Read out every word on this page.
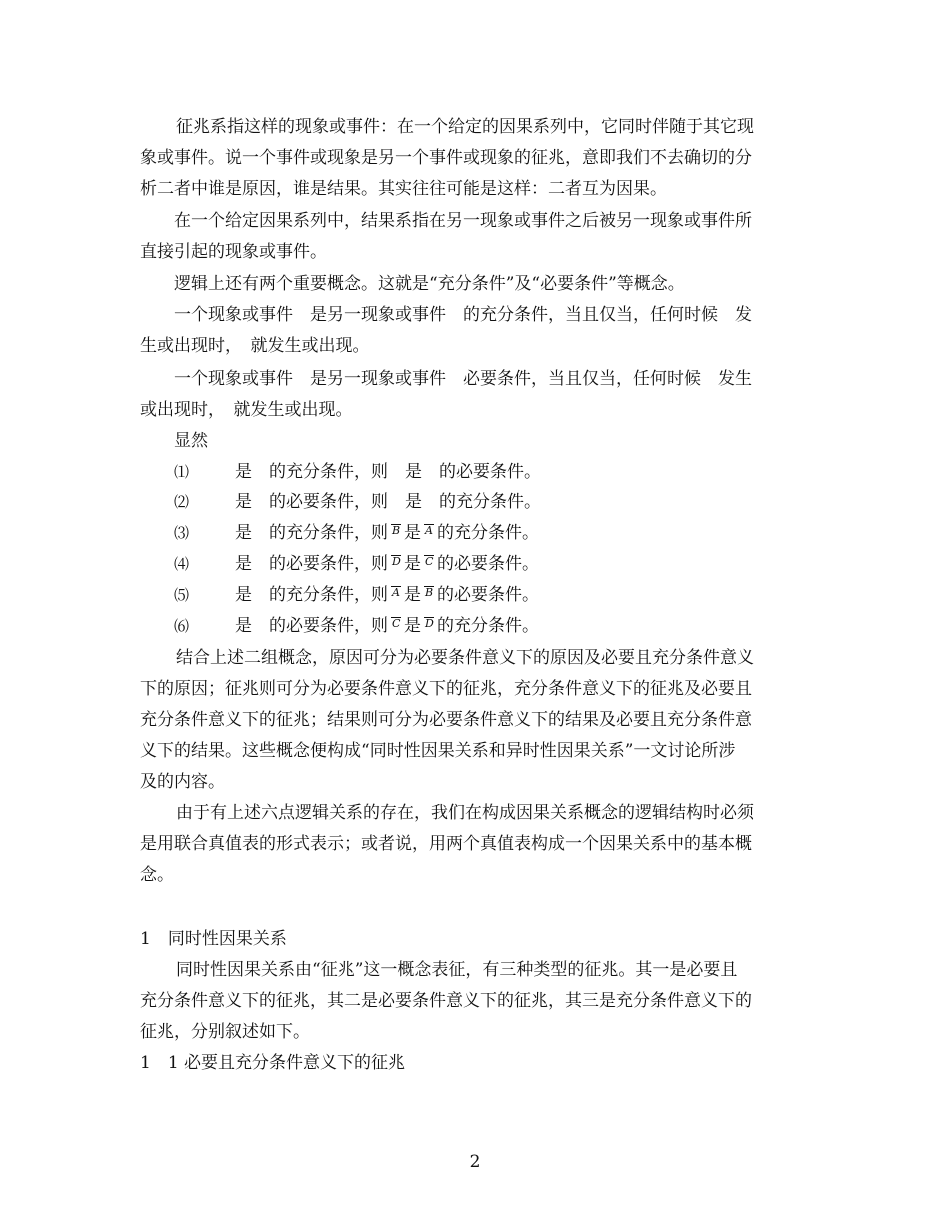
征兆系指这样的现象或事件：在一个给定的因果系列中，它同时伴随于其它现

象或事件。说一个事件或现象是另一个事件或现象的征兆，意即我们不去确切的分

析二者中谁是原因，谁是结果。其实往往可能是这样：二者互为因果。

在一个给定因果系列中，结果系指在另一现象或事件之后被另一现象或事件所

直接引起的现象或事件。

逻辑上还有两个重要概念。这就是“充分条件”及“必要条件”等概念。

一个现象或事件　是另一现象或事件　的充分条件，当且仅当，任何时候　发

生或出现时，　就发生或出现。

一个现象或事件　是另一现象或事件　必要条件，当且仅当，任何时候　发生

或出现时，　就发生或出现。

显然

⑴　是　的充分条件，则　是　的必要条件。

⑵　是　的必要条件，则　是　的充分条件。

⑶　是　的充分条件，则 B 是 A 的充分条件。

⑷　是　的必要条件，则 D 是 C 的必要条件。

⑸　是　的充分条件，则 A 是 B 的必要条件。

⑹　是　的必要条件，则 C 是 D 的充分条件。

结合上述二组概念，原因可分为必要条件意义下的原因及必要且充分条件意义

下的原因；征兆则可分为必要条件意义下的征兆，充分条件意义下的征兆及必要且

充分条件意义下的征兆；结果则可分为必要条件意义下的结果及必要且充分条件意

义下的结果。这些概念便构成“同时性因果关系和异时性因果关系”一文讨论所涉

及的内容。

由于有上述六点逻辑关系的存在，我们在构成因果关系概念的逻辑结构时必须

是用联合真值表的形式表示；或者说，用两个真值表构成一个因果关系中的基本概

念。

1　同时性因果关系

同时性因果关系由“征兆”这一概念表征，有三种类型的征兆。其一是必要且

充分条件意义下的征兆，其二是必要条件意义下的征兆，其三是充分条件意义下的

征兆，分别叙述如下。

1　1 必要且充分条件意义下的征兆

2
